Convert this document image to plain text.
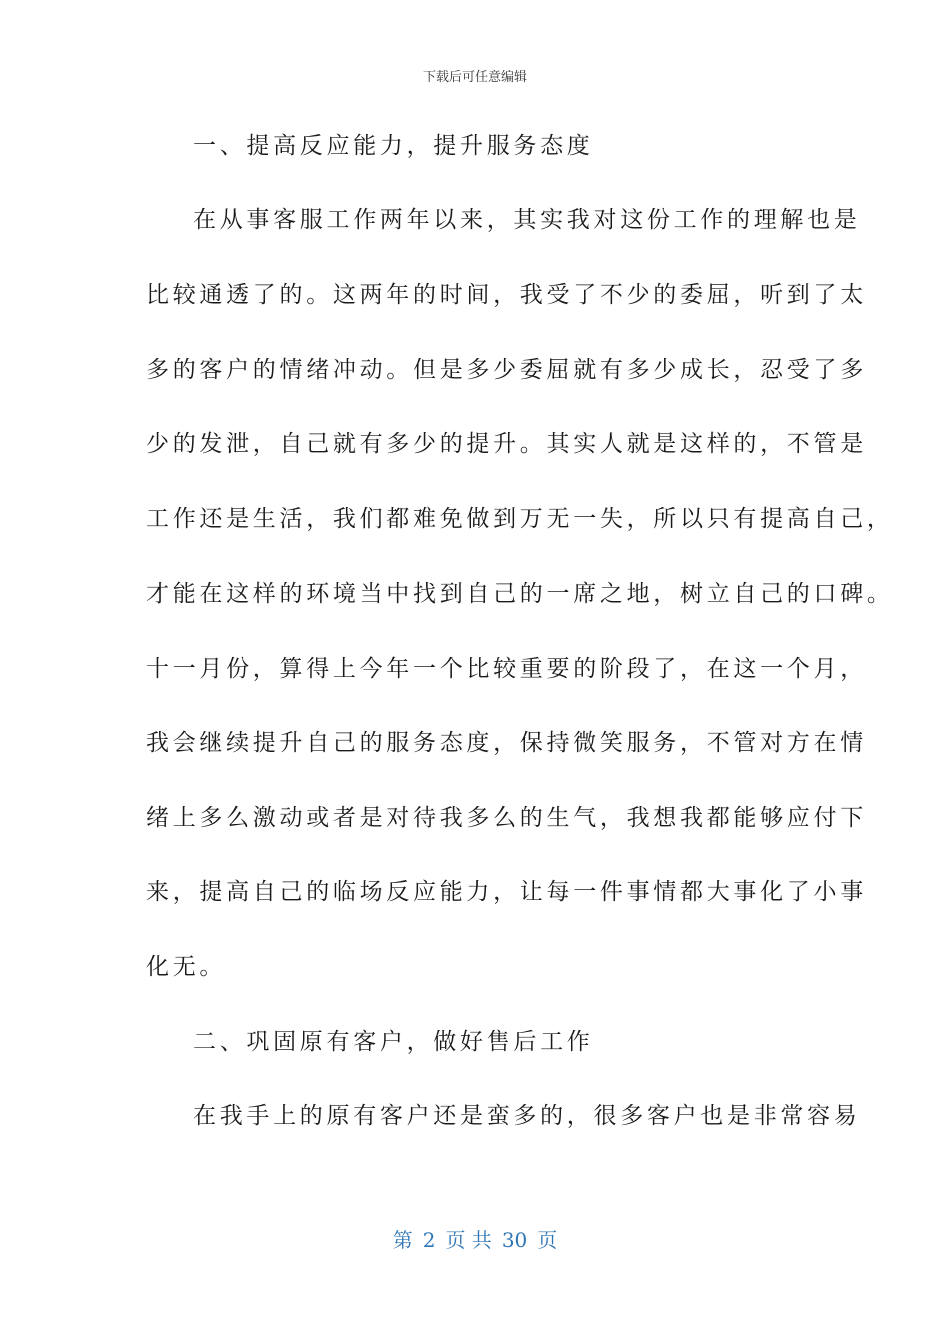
下载后可任意编辑
一、提高反应能力，提升服务态度
在从事客服工作两年以来，其实我对这份工作的理解也是
比较通透了的。这两年的时间，我受了不少的委屈，听到了太
多的客户的情绪冲动。但是多少委屈就有多少成长，忍受了多
少的发泄，自己就有多少的提升。其实人就是这样的，不管是
工作还是生活，我们都难免做到万无一失，所以只有提高自己，
才能在这样的环境当中找到自己的一席之地，树立自己的口碑。
十一月份，算得上今年一个比较重要的阶段了，在这一个月，
我会继续提升自己的服务态度，保持微笑服务，不管对方在情
绪上多么激动或者是对待我多么的生气，我想我都能够应付下
来，提高自己的临场反应能力，让每一件事情都大事化了小事
化无。
二、巩固原有客户，做好售后工作
在我手上的原有客户还是蛮多的，很多客户也是非常容易
第 2 页 共 30 页
